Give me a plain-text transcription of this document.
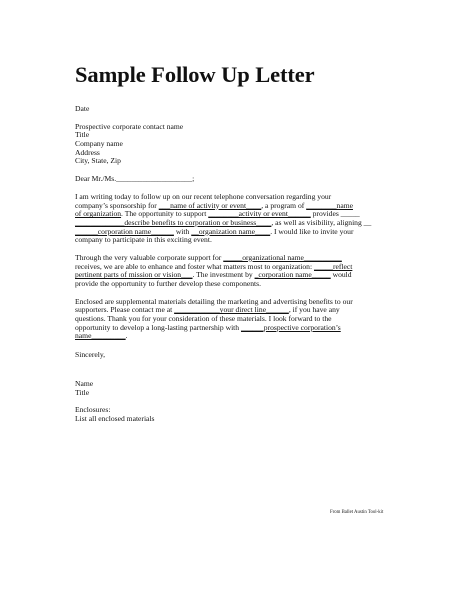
Sample Follow Up Letter
Date
Prospective corporate contact name
Title
Company name
Address
City, State, Zip
Dear Mr./Ms.____________________;
I am writing today to follow up on our recent telephone conversation regarding your
company’s sponsorship for ___name of activity or event____, a program of ________name
of organization. The opportunity to support ________activity or event______ provides _____
_____________describe benefits to corporation or business____, as well as visibility, aligning __
______corporation name______ with __organization name____. I would like to invite your
company to participate in this exciting event.
Through the very valuable corporate support for _____organizational name__________
receives, we are able to enhance and foster what matters most to organization: _____reflect
pertinent parts of mission or vision___. The investment by _corporation name_____ would
provide the opportunity to further develop these components.
Enclosed are supplemental materials detailing the marketing and advertising benefits to our
supporters. Please contact me at ____________your direct line______, if you have any
questions. Thank you for your consideration of these materials. I look forward to the
opportunity to develop a long-lasting partnership with ______prospective corporation’s
name_________.
Sincerely,
Name
Title
Enclosures:
List all enclosed materials
From Ballet Austin Tool-kit
